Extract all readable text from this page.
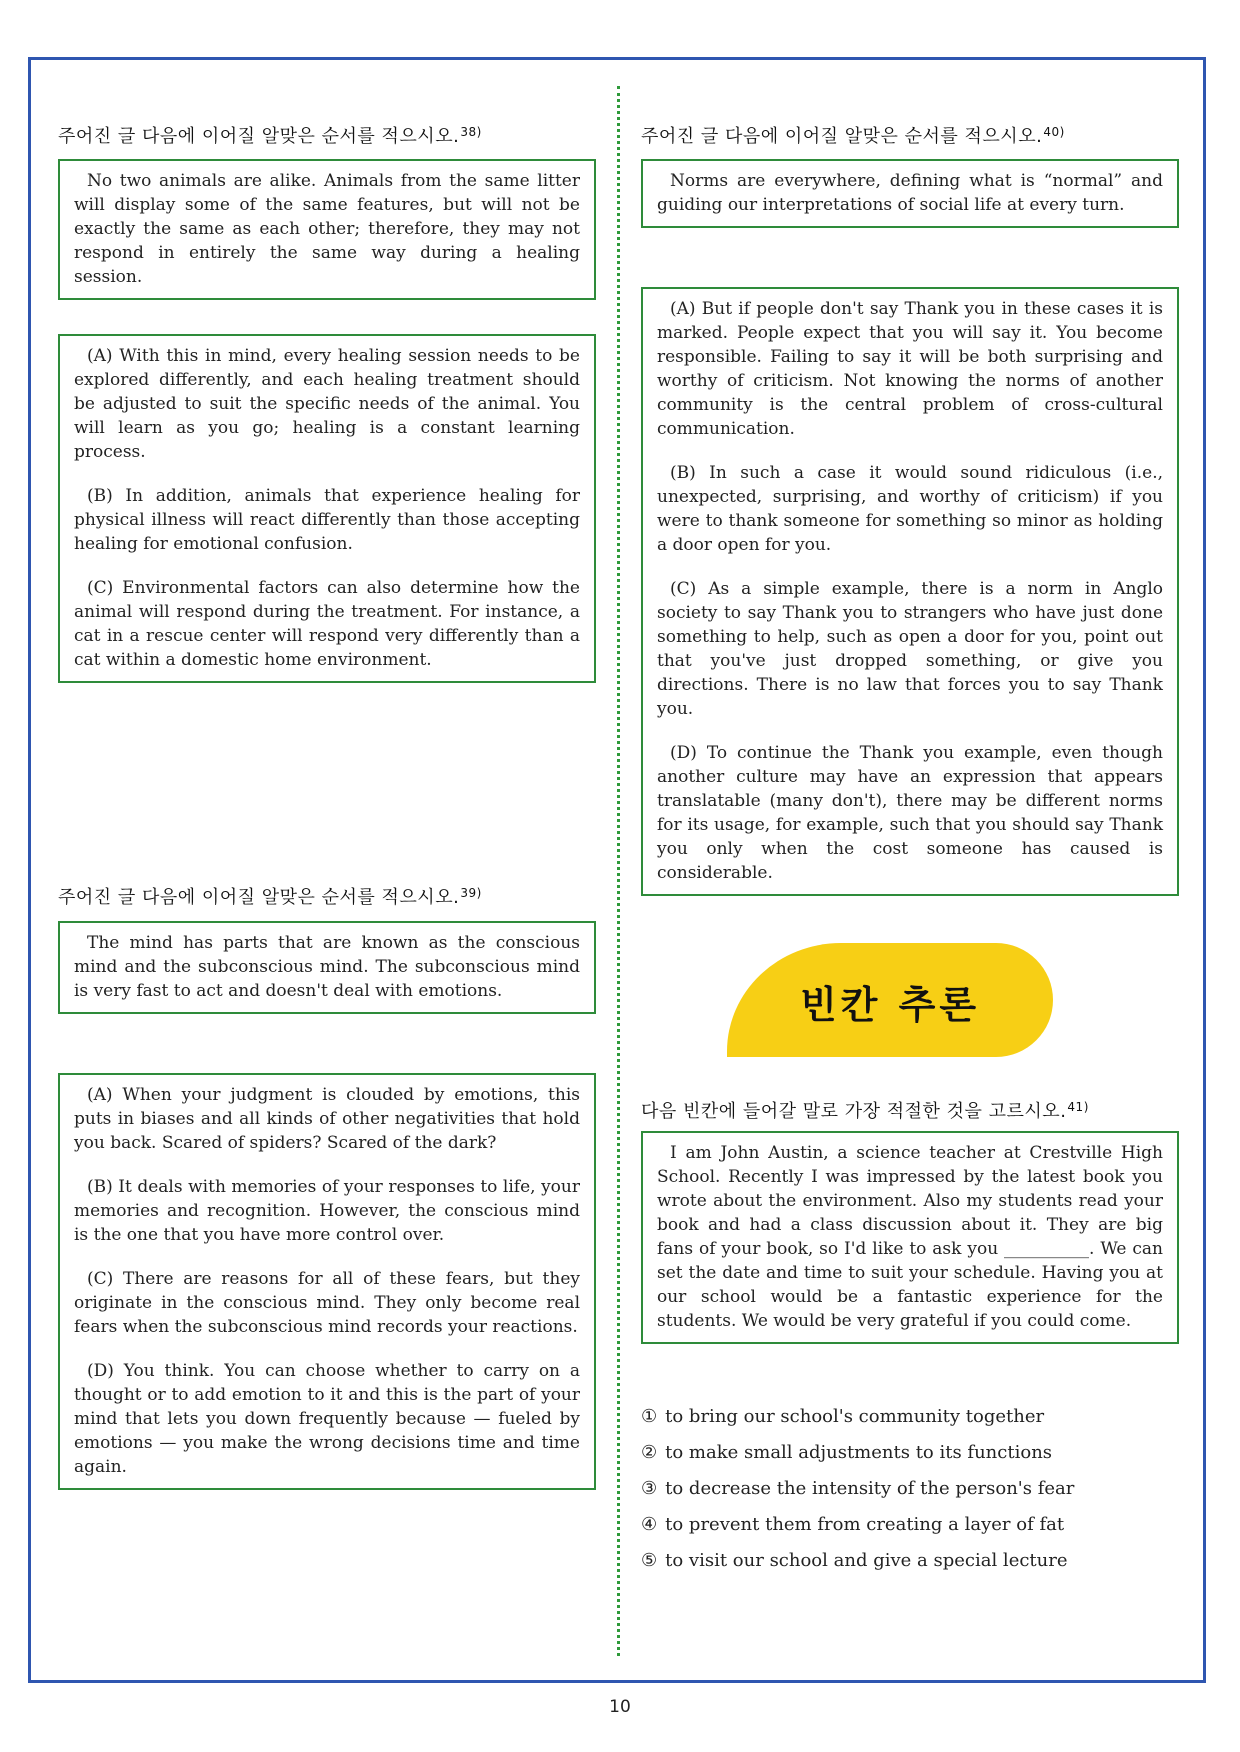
주어진 글 다음에 이어질 알맞은 순서를 적으시오.$^{38)}$

No two animals are alike. Animals from the same litter will display some of the same features, but will not be exactly the same as each other; therefore, they may not respond in entirely the same way during a healing session.

(A) With this in mind, every healing session needs to be explored differently, and each healing treatment should be adjusted to suit the specific needs of the animal. You will learn as you go; healing is a constant learning process.

(B) In addition, animals that experience healing for physical illness will react differently than those accepting healing for emotional confusion.

(C) Environmental factors can also determine how the animal will respond during the treatment. For instance, a cat in a rescue center will respond very differently than a cat within a domestic home environment.

주어진 글 다음에 이어질 알맞은 순서를 적으시오.$^{39)}$

The mind has parts that are known as the conscious mind and the subconscious mind. The subconscious mind is very fast to act and doesn't deal with emotions.

(A) When your judgment is clouded by emotions, this puts in biases and all kinds of other negativities that hold you back. Scared of spiders? Scared of the dark?

(B) It deals with memories of your responses to life, your memories and recognition. However, the conscious mind is the one that you have more control over.

(C) There are reasons for all of these fears, but they originate in the conscious mind. They only become real fears when the subconscious mind records your reactions.

(D) You think. You can choose whether to carry on a thought or to add emotion to it and this is the part of your mind that lets you down frequently because — fueled by emotions — you make the wrong decisions time and time again.

주어진 글 다음에 이어질 알맞은 순서를 적으시오.$^{40)}$

Norms are everywhere, defining what is “normal” and guiding our interpretations of social life at every turn.

(A) But if people don't say Thank you in these cases it is marked. People expect that you will say it. You become responsible. Failing to say it will be both surprising and worthy of criticism. Not knowing the norms of another community is the central problem of cross-cultural communication.

(B) In such a case it would sound ridiculous (i.e., unexpected, surprising, and worthy of criticism) if you were to thank someone for something so minor as holding a door open for you.

(C) As a simple example, there is a norm in Anglo society to say Thank you to strangers who have just done something to help, such as open a door for you, point out that you've just dropped something, or give you directions. There is no law that forces you to say Thank you.

(D) To continue the Thank you example, even though another culture may have an expression that appears translatable (many don't), there may be different norms for its usage, for example, such that you should say Thank you only when the cost someone has caused is considerable.

다음 빈칸에 들어갈 말로 가장 적절한 것을 고르시오.$^{41)}$

I am John Austin, a science teacher at Crestville High School. Recently I was impressed by the latest book you wrote about the environment. Also my students read your book and had a class discussion about it. They are big fans of your book, so I'd like to ask you __________. We can set the date and time to suit your schedule. Having you at our school would be a fantastic experience for the students. We would be very grateful if you could come.

① to bring our school's community together
② to make small adjustments to its functions
③ to decrease the intensity of the person's fear
④ to prevent them from creating a layer of fat
⑤ to visit our school and give a special lecture
빈칸 추론
10
